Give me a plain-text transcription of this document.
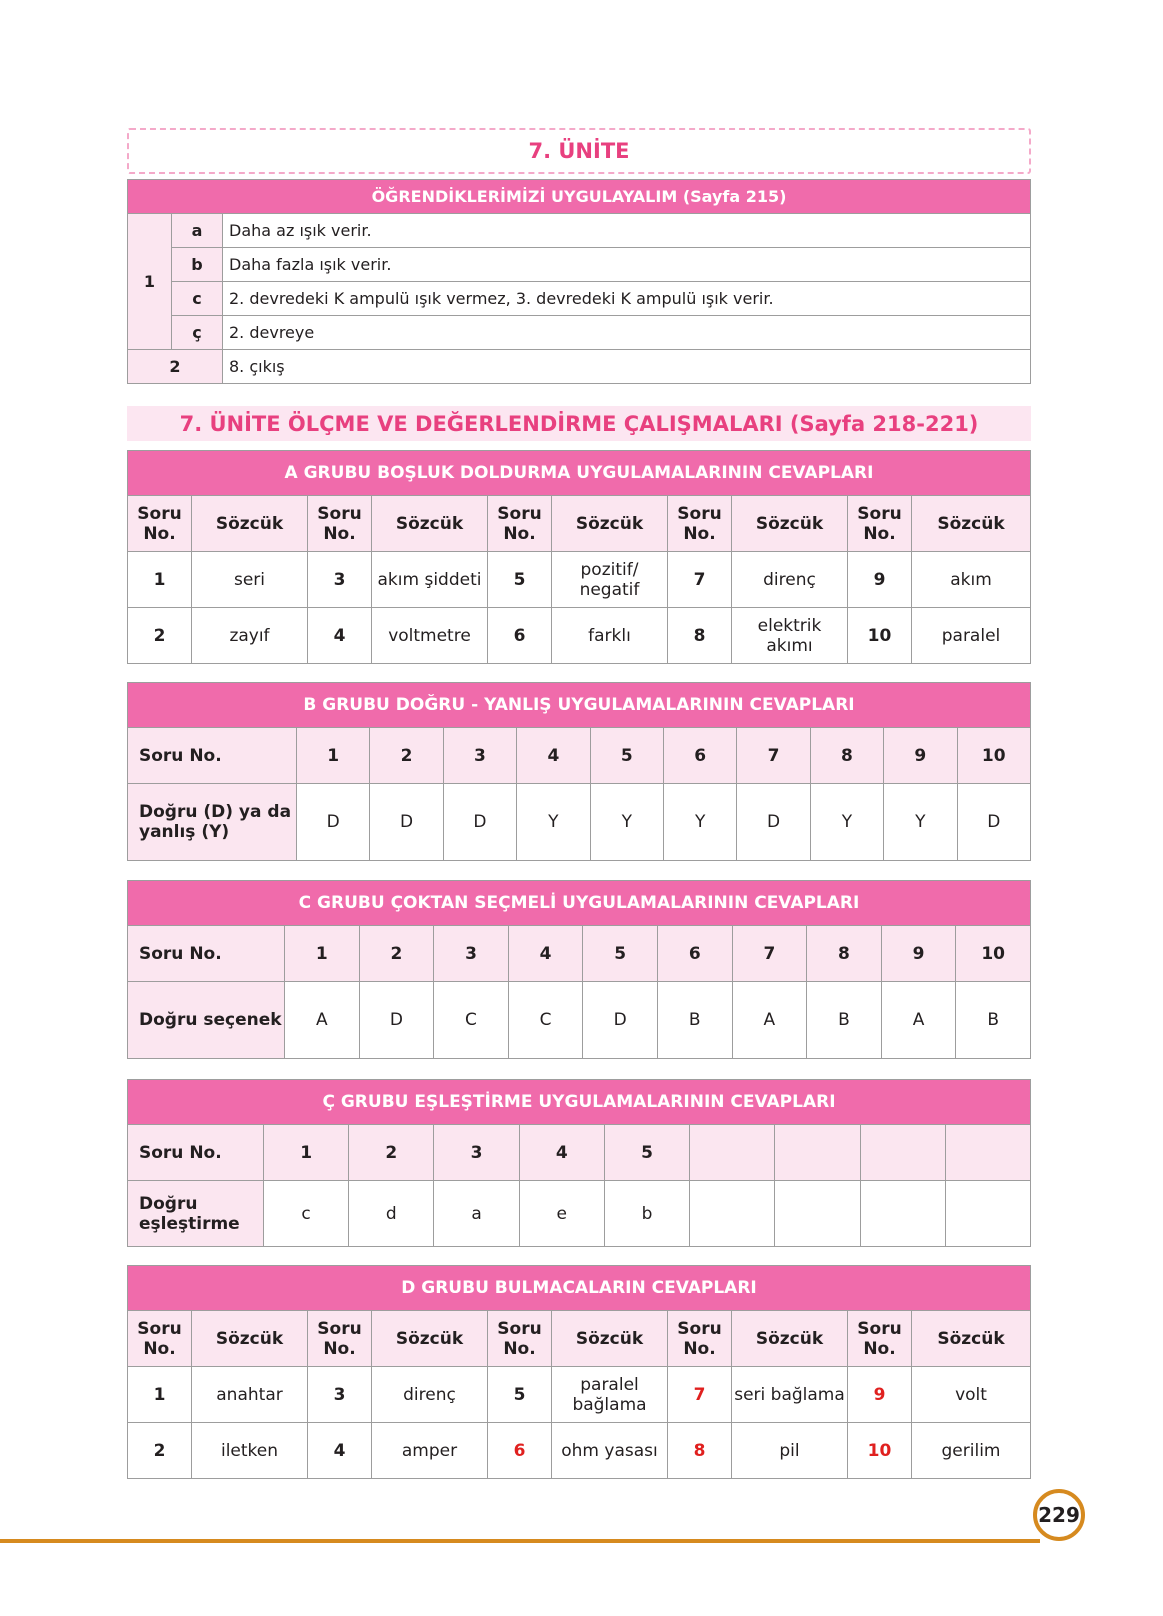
7. ÜNİTE
ÖĞRENDİKLERİMİZİ UYGULAYALIM (Sayfa 215)		
1	a	Daha az ışık verir.
	b	Daha fazla ışık verir.
	c	2. devredeki K ampulü ışık vermez, 3. devredeki K ampulü ışık verir.
	ç	2. devreye
2		8. çıkış
7. ÜNİTE ÖLÇME VE DEĞERLENDİRME ÇALIŞMALARI (Sayfa 218-221)
A GRUBU BOŞLUK DOLDURMA UYGULAMALARININ CEVAPLARI									
Soru No.	Sözcük	Soru No.	Sözcük	Soru No.	Sözcük	Soru No.	Sözcük	Soru No.	Sözcük
1	seri	3	akım şiddeti	5	pozitif/ negatif	7	direnç	9	akım
2	zayıf	4	voltmetre	6	farklı	8	elektrik akımı	10	paralel
B GRUBU DOĞRU - YANLIŞ UYGULAMALARININ CEVAPLARI										
Soru No.	1	2	3	4	5	6	7	8	9	10
Doğru (D) ya da yanlış (Y)	D	D	D	Y	Y	Y	D	Y	Y	D
C GRUBU ÇOKTAN SEÇMELİ UYGULAMALARININ CEVAPLARI										
Soru No.	1	2	3	4	5	6	7	8	9	10
Doğru seçenek	A	D	C	C	D	B	A	B	A	B
Ç GRUBU EŞLEŞTİRME UYGULAMALARININ CEVAPLARI									
Soru No.	1	2	3	4	5				
Doğru eşleştirme	c	d	a	e	b				
D GRUBU BULMACALARIN CEVAPLARI									
Soru No.	Sözcük	Soru No.	Sözcük	Soru No.	Sözcük	Soru No.	Sözcük	Soru No.	Sözcük
1	anahtar	3	direnç	5	paralel bağlama	7	seri bağlama	9	volt
2	iletken	4	amper	6	ohm yasası	8	pil	10	gerilim
229
